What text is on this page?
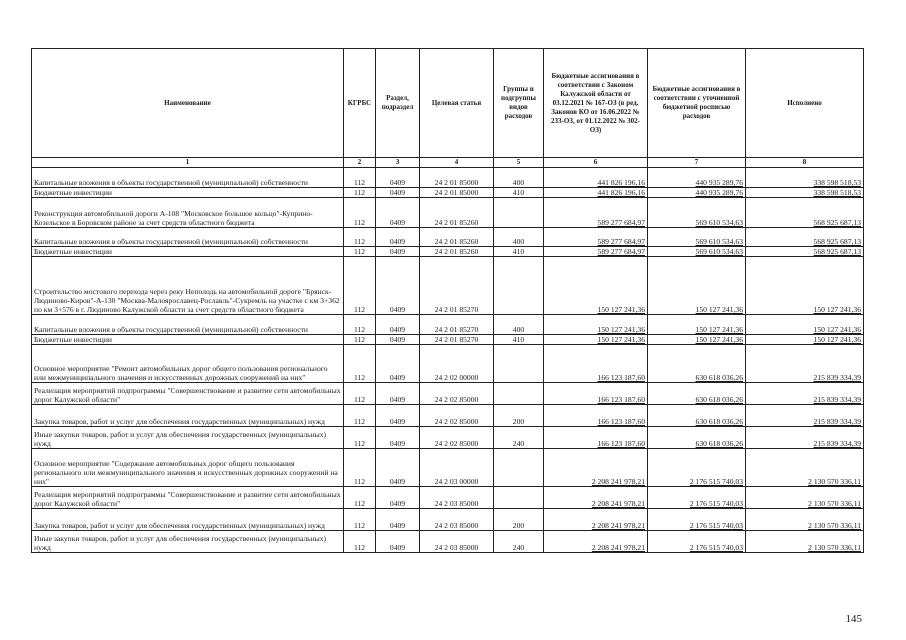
Наименование	КГРБС	Раздел, подраздел	Целевая статья	Группы и подгруппы видов расходов	Бюджетные ассигнования в соответствии с Законом Калужской области от 03.12.2021 № 167-ОЗ (в ред. Законов КО от 16.06.2022 № 233-ОЗ, от 01.12.2022 № 302-ОЗ)	Бюджетные ассигнования в соответствии с уточненной бюджетной росписью расходов	Исполнено
1	2	3	4	5	6	7	8
Капитальные вложения в объекты государственной (муниципальной) собственности	112	0409	24 2 01 85000	400	441 826 196,16	440 935 289,76	338 598 518,53
Бюджетные инвестиции	112	0409	24 2 01 85000	410	441 826 196,16	440 935 289,76	338 598 518,53
Реконструкция автомобильной дороги А-108 "Московское большое кольцо"-Куприно-Козельское в Боровском районе за счет средств областного бюджета	112	0409	24 2 01 85260		589 277 684,97	569 610 534,63	568 925 687,13
Капитальные вложения в объекты государственной (муниципальной) собственности	112	0409	24 2 01 85260	400	589 277 684,97	569 610 534,63	568 925 687,13
Бюджетные инвестиции	112	0409	24 2 01 85260	410	589 277 684,97	569 610 534,63	568 925 687,13
Строительство мостового перехода через реку Неполодь на автомобильной дороге "Брянск-Людиново-Киров"-А-130 "Москва-Малоярославец-Рославль"-Сукремль на участке с км 3+362 по км 3+576 в г. Людиново Калужской области за счет средств областного бюджета	112	0409	24 2 01 85270		150 127 241,36	150 127 241,36	150 127 241,36
Капитальные вложения в объекты государственной (муниципальной) собственности	112	0409	24 2 01 85270	400	150 127 241,36	150 127 241,36	150 127 241,36
Бюджетные инвестиции	112	0409	24 2 01 85270	410	150 127 241,36	150 127 241,36	150 127 241,36
Основное мероприятие "Ремонт автомобильных дорог общего пользования регионального или межмуниципального значения и искусственных дорожных сооружений на них"	112	0409	24 2 02 00000		166 123 187,60	630 618 036,26	215 839 334,39
Реализация мероприятий подпрограммы "Совершенствование и развитие сети автомобильных дорог Калужской области"	112	0409	24 2 02 85000		166 123 187,60	630 618 036,26	215 839 334,39
Закупка товаров, работ и услуг для обеспечения государственных (муниципальных) нужд	112	0409	24 2 02 85000	200	166 123 187,60	630 618 036,26	215 839 334,39
Иные закупки товаров, работ и услуг для обеспечения государственных (муниципальных) нужд	112	0409	24 2 02 85000	240	166 123 187,60	630 618 036,26	215 839 334,39
Основное мероприятие "Содержание автомобильных дорог общего пользования регионального или межмуниципального значения и искусственных дорожных сооружений на них"	112	0409	24 2 03 00000		2 208 241 978,21	2 176 515 740,03	2 130 570 336,11
Реализация мероприятий подпрограммы "Совершенствование и развитие сети автомобильных дорог Калужской области"	112	0409	24 2 03 85000		2 208 241 978,21	2 176 515 740,03	2 130 570 336,11
Закупка товаров, работ и услуг для обеспечения государственных (муниципальных) нужд	112	0409	24 2 03 85000	200	2 208 241 978,21	2 176 515 740,03	2 130 570 336,11
Иные закупки товаров, работ и услуг для обеспечения государственных (муниципальных) нужд	112	0409	24 2 03 85000	240	2 208 241 978,21	2 176 515 740,03	2 130 570 336,11
145
